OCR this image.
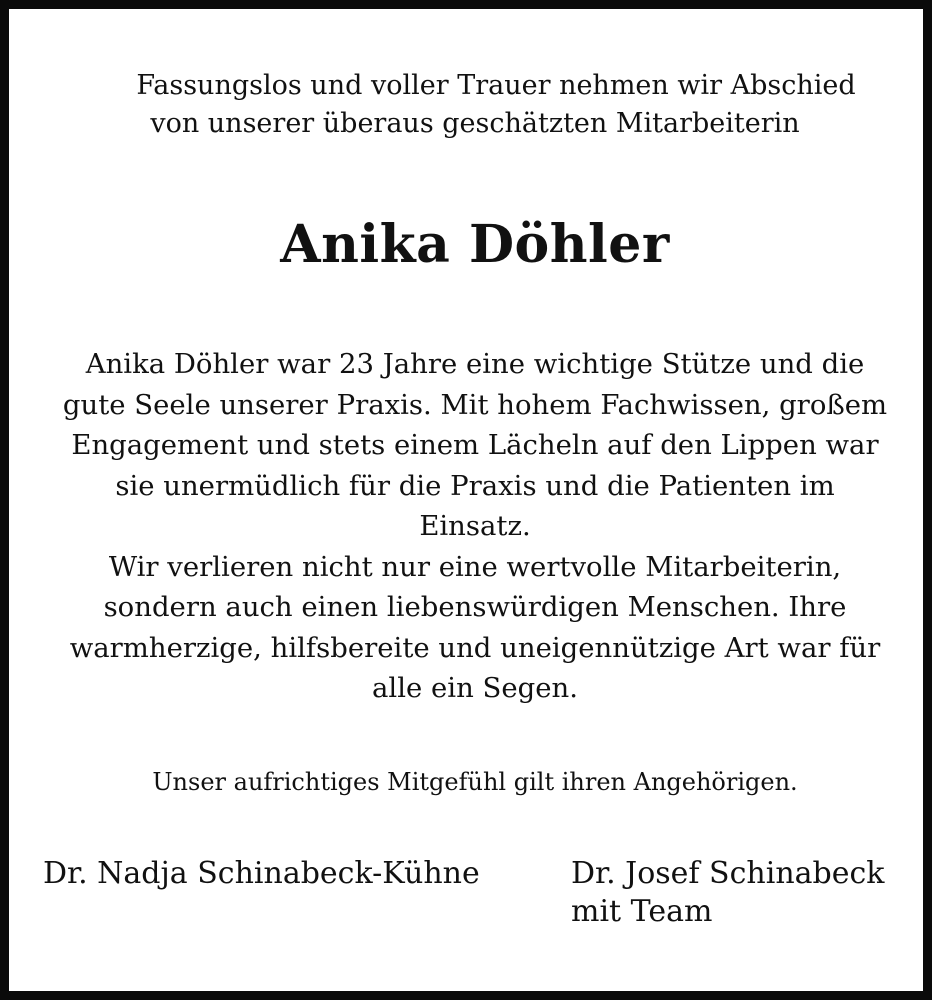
Fassungslos und voller Trauer nehmen wir Abschied
von unserer überaus geschätzten Mitarbeiterin
Anika Döhler
Anika Döhler war 23 Jahre eine wichtige Stütze und die
gute Seele unserer Praxis. Mit hohem Fachwissen, großem
Engagement und stets einem Lächeln auf den Lippen war
sie unermüdlich für die Praxis und die Patienten im
Einsatz.
Wir verlieren nicht nur eine wertvolle Mitarbeiterin,
sondern auch einen liebenswürdigen Menschen. Ihre
warmherzige, hilfsbereite und uneigennützige Art war für
alle ein Segen.

Unser aufrichtiges Mitgefühl gilt ihren Angehörigen.

Dr. Nadja Schinabeck-Kühne	Dr. Josef Schinabeck
mit Team
